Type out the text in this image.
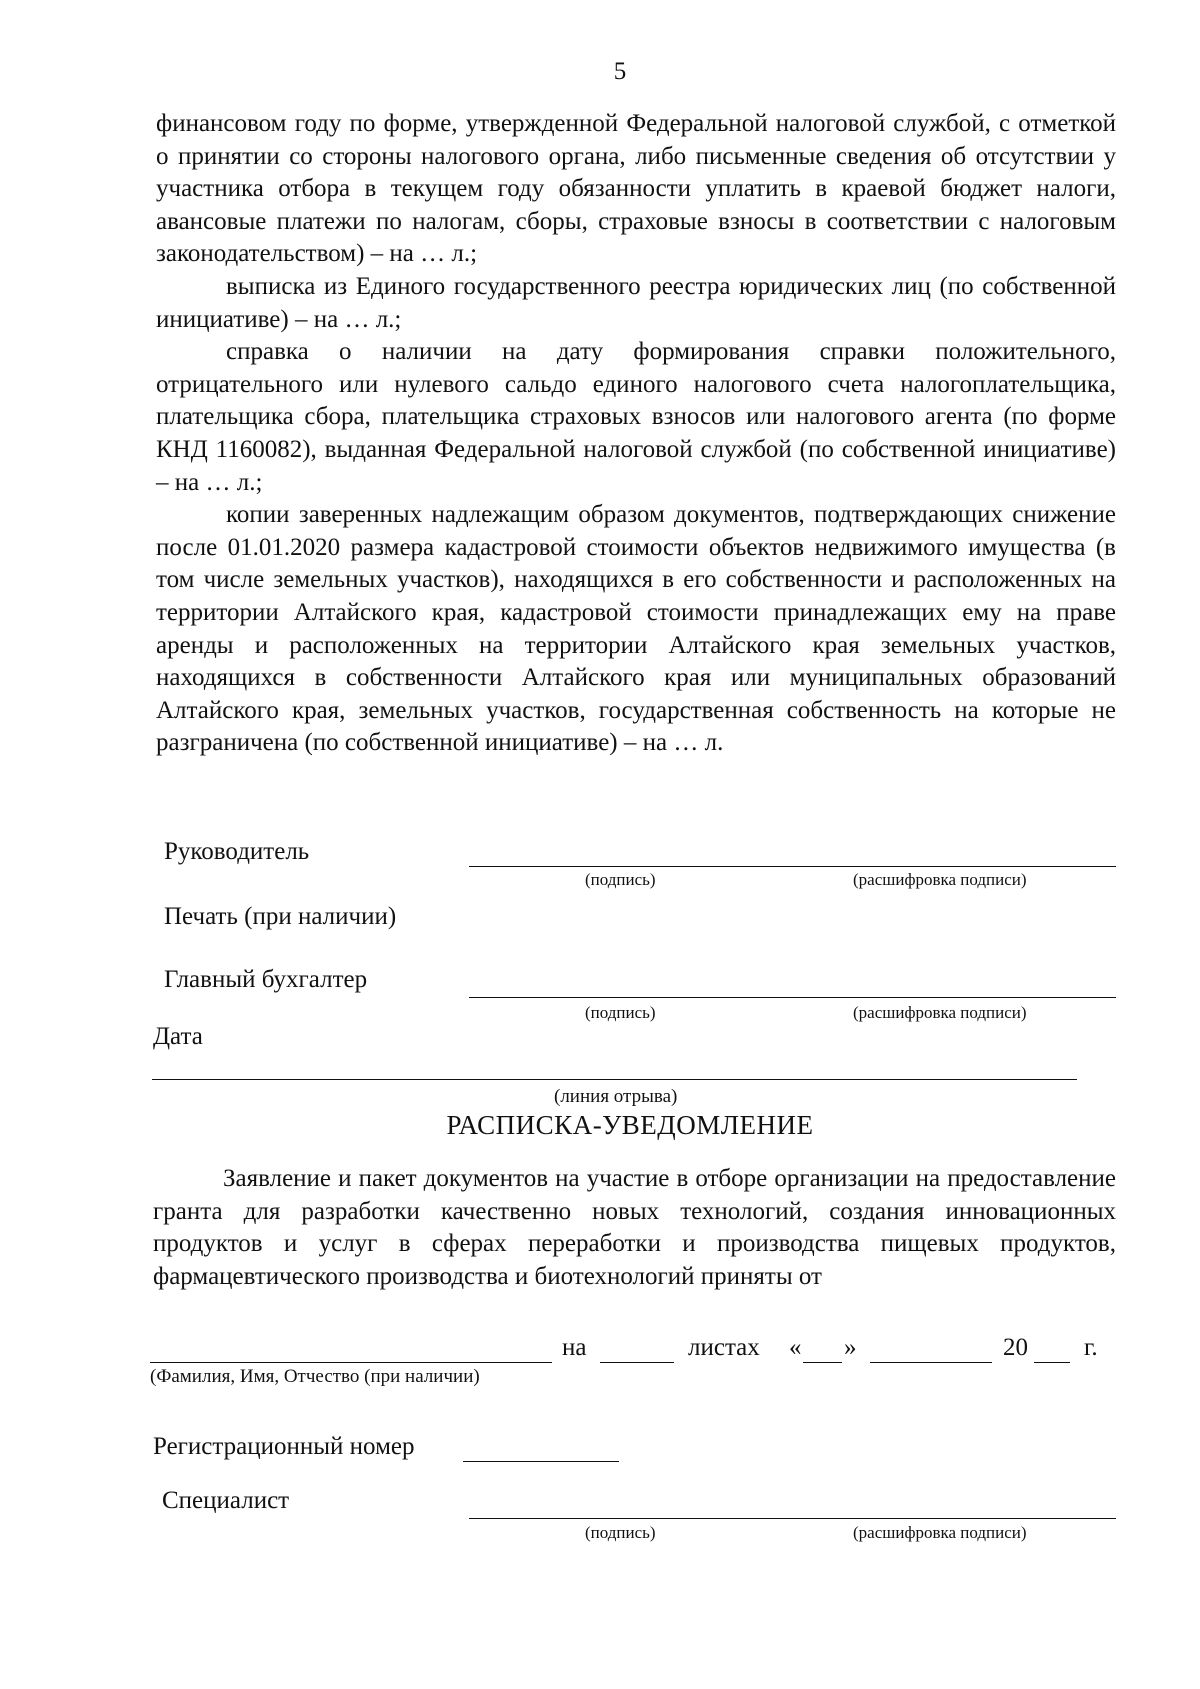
5

финансовом году по форме, утвержденной Федеральной налоговой службой, с отметкой о принятии со стороны налогового органа, либо письменные сведения об отсутствии у участника отбора в текущем году обязанности уплатить в краевой бюджет налоги, авансовые платежи по налогам, сборы, страховые взносы в соответствии с налоговым законодательством) – на … л.;

выписка из Единого государственного реестра юридических лиц (по собственной инициативе) – на … л.;

справка о наличии на дату формирования справки положительного, отрицательного или нулевого сальдо единого налогового счета налогоплательщика, плательщика сбора, плательщика страховых взносов или налогового агента (по форме КНД 1160082), выданная Федеральной налоговой службой (по собственной инициативе) – на … л.;

копии заверенных надлежащим образом документов, подтверждающих снижение после 01.01.2020 размера кадастровой стоимости объектов недвижимого имущества (в том числе земельных участков), находящихся в его собственности и расположенных на территории Алтайского края, кадастровой стоимости принадлежащих ему на праве аренды и расположенных на территории Алтайского края земельных участков, находящихся в собственности Алтайского края или муниципальных образований Алтайского края, земельных участков, государственная собственность на которые не разграничена (по собственной инициативе) – на … л.

Руководитель
(подпись)	(расшифровка подписи)
Печать (при наличии)
Главный бухгалтер
(подпись)	(расшифровка подписи)
Дата
(линия отрыва)
РАСПИСКА-УВЕДОМЛЕНИЕ

Заявление и пакет документов на участие в отборе организации на предоставление гранта для разработки качественно новых технологий, создания инновационных продуктов и услуг в сферах переработки и производства пищевых продуктов, фармацевтического производства и биотехнологий приняты от

на	листах « »	20 г.
(Фамилия, Имя, Отчество (при наличии)
Регистрационный номер
Специалист
(подпись)	(расшифровка подписи)
